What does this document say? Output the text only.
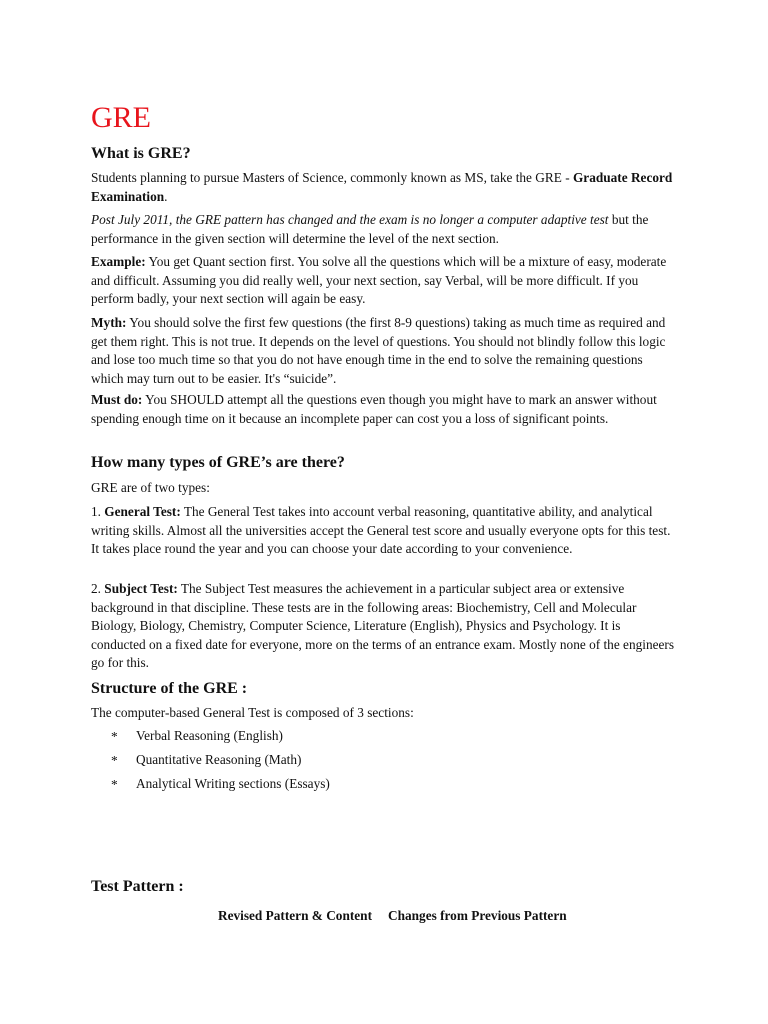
GRE
What is GRE?

Students planning to pursue Masters of Science, commonly known as MS, take the GRE - Graduate Record Examination.

Post July 2011, the GRE pattern has changed and the exam is no longer a computer adaptive test but the performance in the given section will determine the level of the next section.

Example: You get Quant section first. You solve all the questions which will be a mixture of easy, moderate and difficult. Assuming you did really well, your next section, say Verbal, will be more difficult. If you perform badly, your next section will again be easy.

Myth: You should solve the first few questions (the first 8-9 questions) taking as much time as required and get them right. This is not true. It depends on the level of questions. You should not blindly follow this logic and lose too much time so that you do not have enough time in the end to solve the remaining questions which may turn out to be easier. It's “suicide”.

Must do: You SHOULD attempt all the questions even though you might have to mark an answer without spending enough time on it because an incomplete paper can cost you a loss of significant points.

How many types of GRE’s are there?

GRE are of two types:

1. General Test: The General Test takes into account verbal reasoning, quantitative ability, and analytical writing skills. Almost all the universities accept the General test score and usually everyone opts for this test. It takes place round the year and you can choose your date according to your convenience.

2. Subject Test: The Subject Test measures the achievement in a particular subject area or extensive background in that discipline. These tests are in the following areas: Biochemistry, Cell and Molecular Biology, Biology, Chemistry, Computer Science, Literature (English), Physics and Psychology. It is conducted on a fixed date for everyone, more on the terms of an entrance exam. Mostly none of the engineers go for this.

Structure of the GRE :

The computer-based General Test is composed of 3 sections:

* Verbal Reasoning (English)
* Quantitative Reasoning (Math)
* Analytical Writing sections (Essays)
Test Pattern :
Revised Pattern & Content Changes from Previous Pattern
